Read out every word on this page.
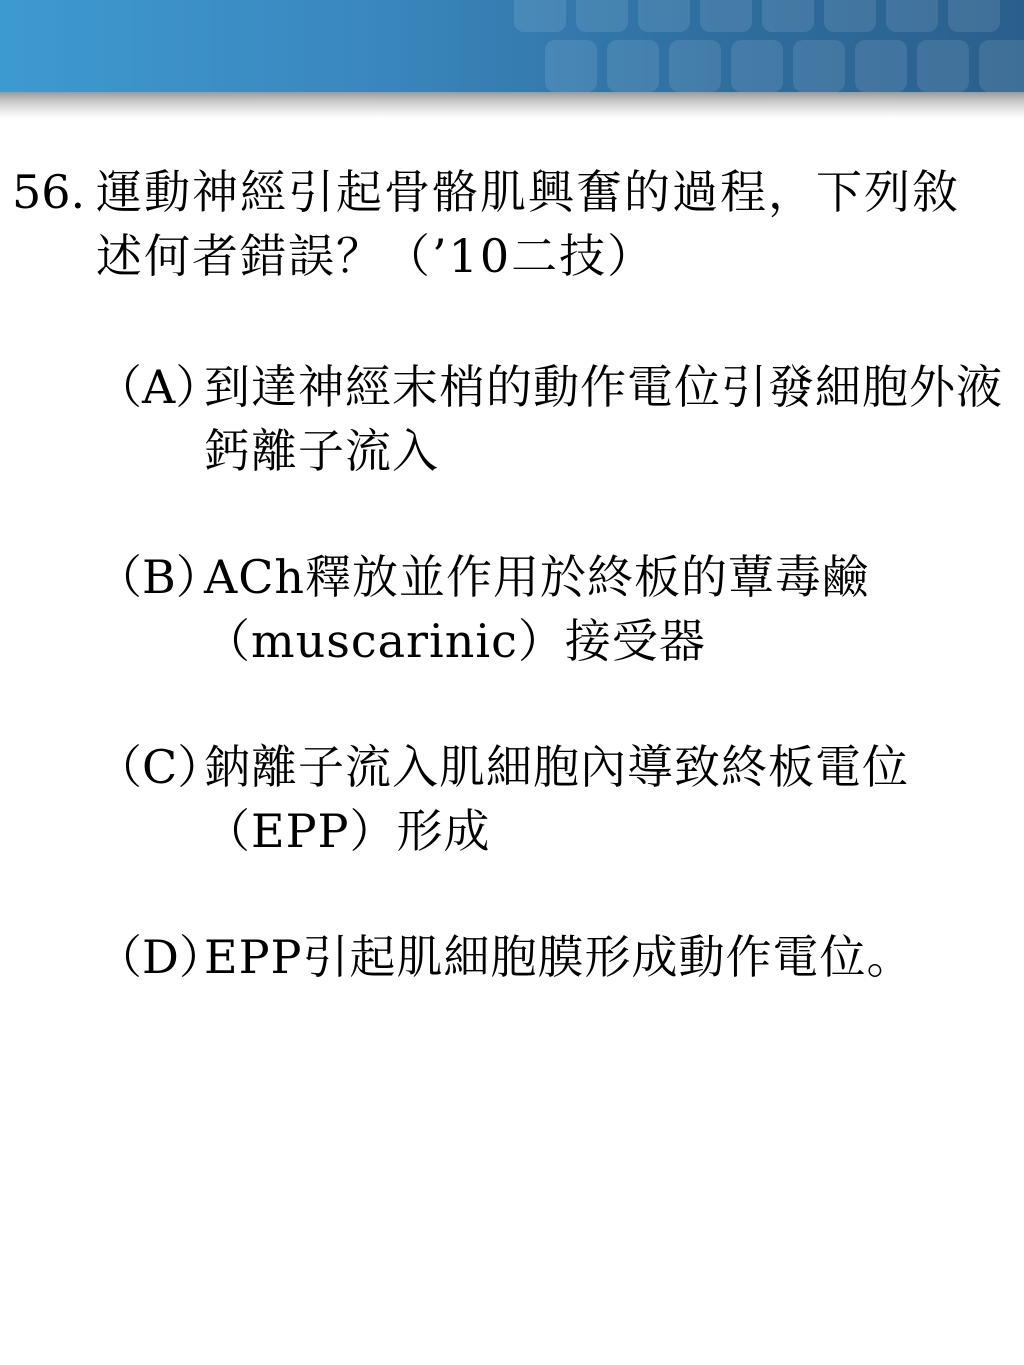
56. 運動神經引起骨骼肌興奮的過程，下列敘述何者錯誤？（’10二技）
（A）
到達神經末梢的動作電位引發細胞外液鈣離子流入
（B）
ACh釋放並作用於終板的蕈毒鹼（muscarinic）接受器
（C）
鈉離子流入肌細胞內導致終板電位（EPP）形成
（D）
EPP引起肌細胞膜形成動作電位。
